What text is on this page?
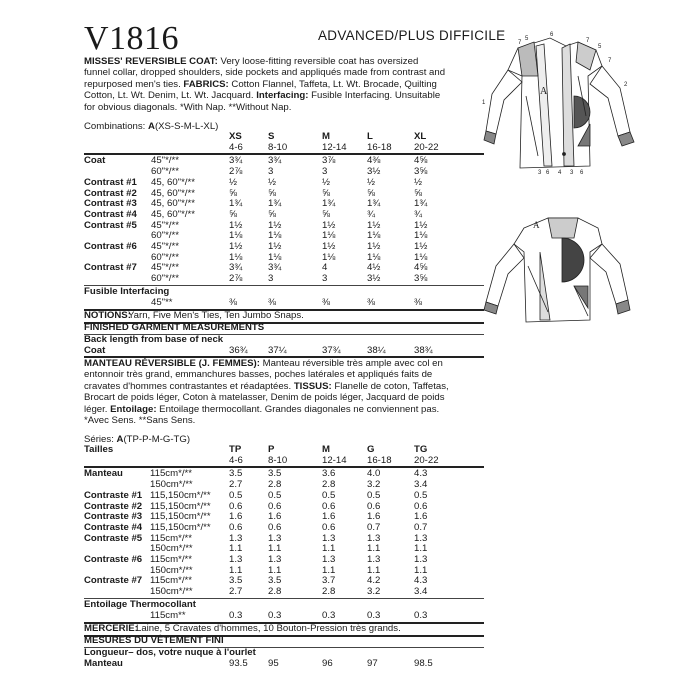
V1816	ADVANCED/PLUS DIFFICILE
MISSES' REVERSIBLE COAT: Very loose-fitting reversible coat has oversized
funnel collar, dropped shoulders, side pockets and appliqués made from contrast and
repurposed men's ties. FABRICS: Cotton Flannel, Taffeta, Lt. Wt. Brocade, Quilting
Cotton, Lt. Wt. Denim, Lt. Wt. Jacquard. Interfacing: Fusible Interfacing. Unsuitable
for obvious diagonals. *With Nap. **Without Nap.
Combinations: A(XS-S-M-L-XL)
XS	S	M	L	XL
4-6	8-10	12-14 16-18 20-22
Coat	45"*/**	3¾	3¾	3⅞	4⅜	4⅝
60"*/**	2⅞	3	3	3½	3⅝
Contrast #1 45, 60"*/**	½	½	½	½	½
Contrast #2 45, 60"*/**	⅝	⅝	⅝	⅝	⅝
Contrast #3 45, 60"*/**	1¾	1¾	1¾	1¾	1¾
Contrast #4 45, 60"*/**	⅝	⅝	⅝	¾	¾
Contrast #5 45"*/**	1½	1½	1½	1½	1½
60"*/**	1⅛	1⅛	1⅛	1⅛	1⅛
Contrast #6 45"*/**	1½	1½	1½	1½	1½
60"*/**	1⅛	1⅛	1⅛	1⅛	1⅛
Contrast #7 45"*/**	3¾	3¾	4	4½	4⅝
60"*/**	2⅞	3	3	3½	3⅝
Fusible Interfacing
45"**	⅜	⅜	⅜	⅜	⅜
NOTIONS:
Yarn, Five Men's Ties, Ten Jumbo Snaps.
FINISHED GARMENT MEASUREMENTS
Back length from base of neck
Coat	36¾ 37¼	37¾	38¼	38¾
MANTEAU RÉVERSIBLE (J. FEMMES): Manteau réversible très ample avec col en
entonnoir très grand, emmanchures basses, poches latérales et appliqués faits de
cravates d'hommes contrastantes et réadaptées. TISSUS: Flanelle de coton, Taffetas,
Brocart de poids léger, Coton à matelasser, Denim de poids léger, Jacquard de poids
léger. Entoilage: Entoilage thermocollant. Grandes diagonales ne conviennent pas.
*Avec Sens. **Sans Sens.
Séries: A(TP-P-M-G-TG)
Tailles	TP	P	M	G	TG
4-6	8-10	12-14 16-18 20-22
Manteau	115cm*/**	3.5	3.5	3.6	4.0	4.3
150cm*/**	2.7	2.8	2.8	3.2	3.4
Contraste #1 115,150cm*/** 0.5	0.5	0.5	0.5	0.5
Contraste #2 115,150cm*/** 0.6	0.6	0.6	0.6	0.6
Contraste #3 115,150cm*/** 1.6	1.6	1.6	1.6	1.6
Contraste #4 115,150cm*/** 0.6	0.6	0.6	0.7	0.7
Contraste #5 115cm*/**	1.3	1.3	1.3	1.3	1.3
150cm*/**	1.1	1.1	1.1	1.1	1.1
Contraste #6 115cm*/**	1.3	1.3	1.3	1.3	1.3
150cm*/**	1.1	1.1	1.1	1.1	1.1
Contraste #7 115cm*/**	3.5	3.5	3.7	4.2	4.3
150cm*/**	2.7	2.8	2.8	3.2	3.4
Entoilage Thermocollant
115cm**	0.3	0.3	0.3	0.3	0.3
MERCERIE:
Laine, 5 Cravates d'hommes, 10 Bouton-Pression très grands.
MESURES DU VÊTEMENT FINI
Longueur– dos, votre nuque à l'ourlet
Manteau	93.5 95	96	97	98.5
7
5
6
7
5
7
1
2
3 6 4 3 6
A
A
